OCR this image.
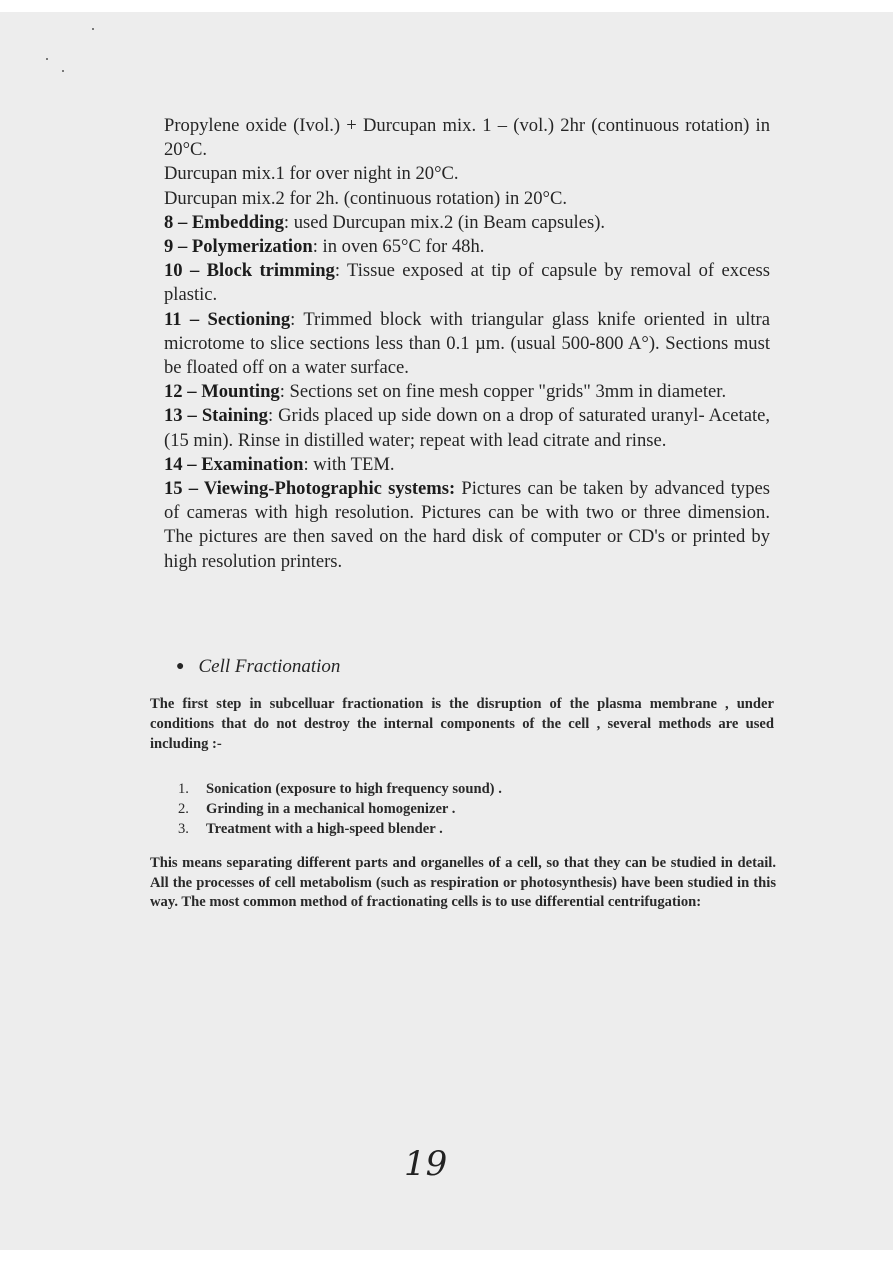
Propylene oxide (Ivol.) + Durcupan mix. 1 – (vol.) 2hr (continuous rotation) in 20°C.

Durcupan mix.1 for over night in 20°C.

Durcupan mix.2 for 2h. (continuous rotation) in 20°C.

8 – Embedding: used Durcupan mix.2 (in Beam capsules).

9 – Polymerization: in oven 65°C for 48h.

10 – Block trimming: Tissue exposed at tip of capsule by removal of excess plastic.

11 – Sectioning: Trimmed block with triangular glass knife oriented in ultra microtome to slice sections less than 0.1 µm. (usual 500-800 A°). Sections must be floated off on a water surface.

12 – Mounting: Sections set on fine mesh copper "grids" 3mm in diameter.

13 – Staining: Grids placed up side down on a drop of saturated uranyl- Acetate, (15 min). Rinse in distilled water; repeat with lead citrate and rinse.

14 – Examination: with TEM.

15 – Viewing-Photographic systems: Pictures can be taken by advanced types of cameras with high resolution. Pictures can be with two or three dimension. The pictures are then saved on the hard disk of computer or CD's or printed by high resolution printers.

● Cell Fractionation

The first step in subcelluar fractionation is the disruption of the plasma membrane , under conditions that do not destroy the internal components of the cell , several methods are used including :-

1. Sonication (exposure to high frequency sound) .
2. Grinding in a mechanical homogenizer .
3. Treatment with a high-speed blender .

This means separating different parts and organelles of a cell, so that they can be studied in detail. All the processes of cell metabolism (such as respiration or photosynthesis) have been studied in this way. The most common method of fractionating cells is to use differential centrifugation:

19
